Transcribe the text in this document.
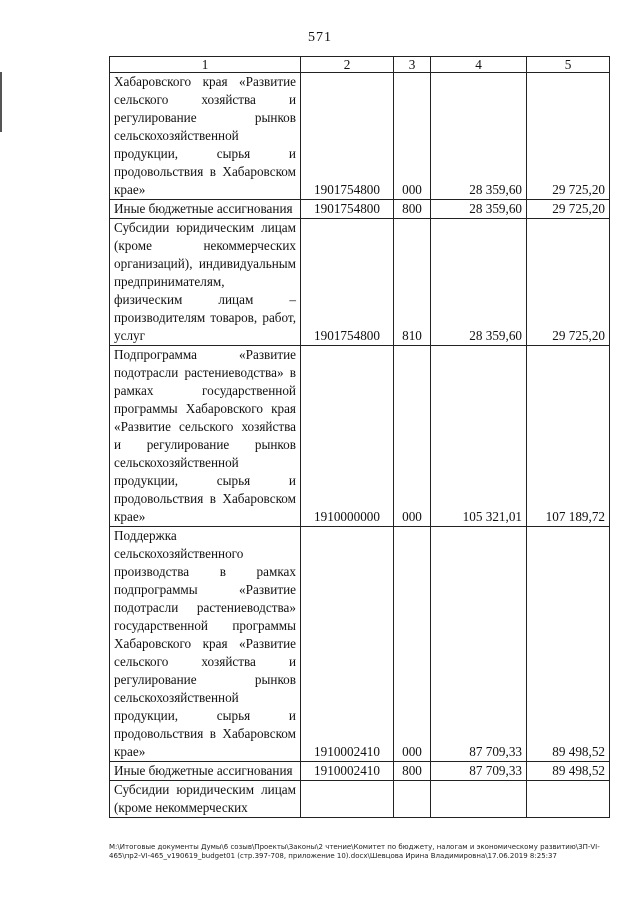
571
1	2	3	4	5
Хабаровского края «Развитие сельского хозяйства и регулирование рынков сельскохозяйственной продукции, сырья и продовольствия в Хабаровском крае»	1901754800	000	28 359,60	29 725,20
Иные бюджетные ассигнования	1901754800	800	28 359,60	29 725,20
Субсидии юридическим лицам (кроме некоммерческих организаций), индивидуальным предпринимателям, физическим лицам – производителям товаров, работ, услуг	1901754800	810	28 359,60	29 725,20
Подпрограмма «Развитие подотрасли растениеводства» в рамках государственной программы Хабаровского края «Развитие сельского хозяйства и регулирование рынков сельскохозяйственной продукции, сырья и продовольствия в Хабаровском крае»	1910000000	000	105 321,01	107 189,72
Поддержка сельскохозяйственного производства в рамках подпрограммы «Развитие подотрасли растениеводства» государственной программы Хабаровского края «Развитие сельского хозяйства и регулирование рынков сельскохозяйственной продукции, сырья и продовольствия в Хабаровском крае»	1910002410	000	87 709,33	89 498,52
Иные бюджетные ассигнования	1910002410	800	87 709,33	89 498,52
Субсидии юридическим лицам (кроме некоммерческих				
M:\Итоговые документы Думы\6 созыв\Проекты\Законы\2 чтение\Комитет по бюджету, налогам и экономическому развитию\ЗП-VI-465\пр2-VI-465_v190619_budget01 (стр.397-708, приложение 10).docx\Шевцова Ирина Владимировна\17.06.2019 8:25:37
